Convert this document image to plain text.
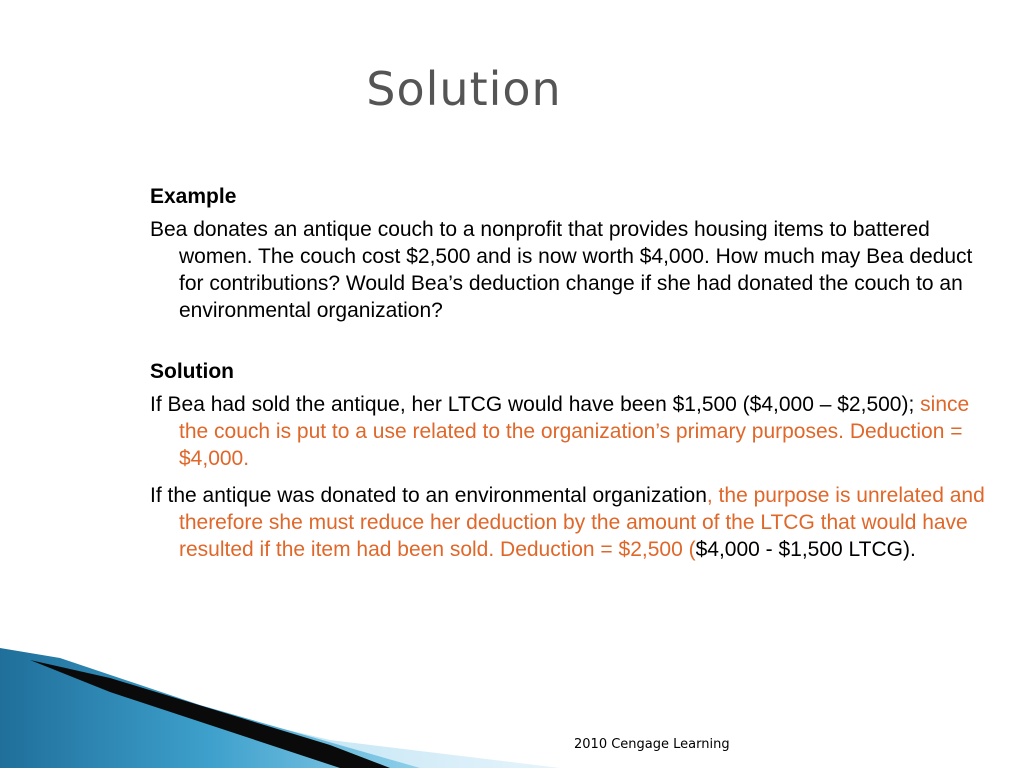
Solution

Example

Bea donates an antique couch to a nonprofit that provides housing items to battered women. The couch cost $2,500 and is now worth $4,000. How much may Bea deduct for contributions? Would Bea’s deduction change if she had donated the couch to an environmental organization?

Solution

If Bea had sold the antique, her LTCG would have been $1,500 ($4,000 – $2,500); since the couch is put to a use related to the organization’s primary purposes. Deduction = $4,000.

If the antique was donated to an environmental organization, the purpose is unrelated and therefore she must reduce her deduction by the amount of the LTCG that would have resulted if the item had been sold. Deduction = $2,500 ($4,000 - $1,500 LTCG).

2010 Cengage Learning
